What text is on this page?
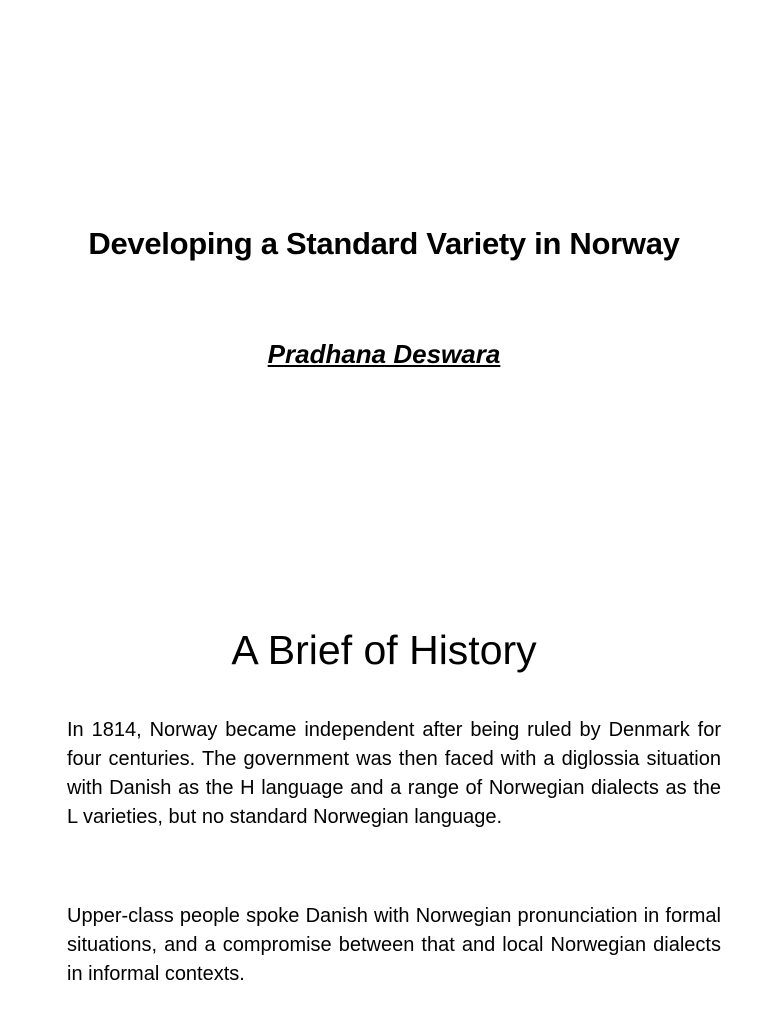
Developing a Standard Variety in Norway

Pradhana Deswara

A Brief of History

In 1814, Norway became independent after being ruled by Denmark for four centuries. The government was then faced with a diglossia situation with Danish as the H language and a range of Norwegian dialects as the L varieties, but no standard Norwegian language.

Upper-class people spoke Danish with Norwegian pronunciation in formal situations, and a compromise between that and local Norwegian dialects in informal contexts.
